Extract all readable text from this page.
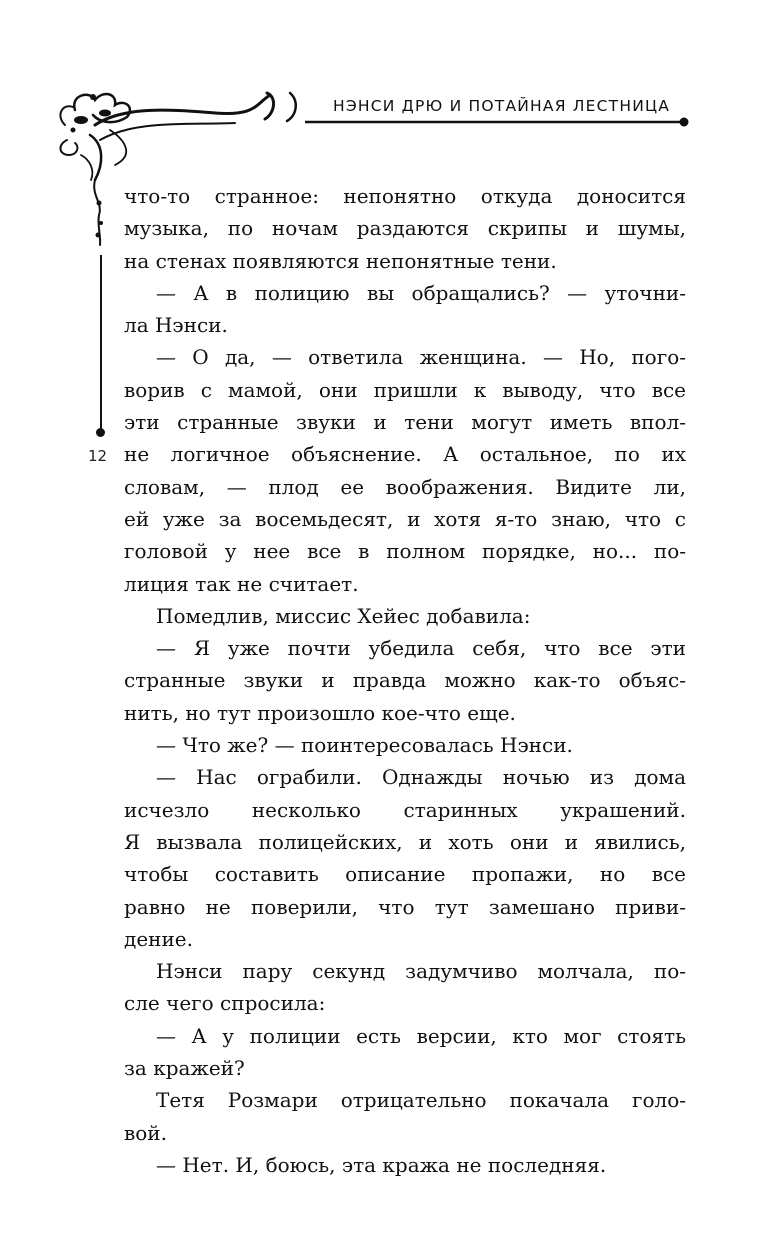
НЭНСИ ДРЮ И ПОТАЙНАЯ ЛЕСТНИЦА
12
что-то странное: непонятно откуда доносится
музыка, по ночам раздаются скрипы и шумы,
на стенах появляются непонятные тени.
— А в полицию вы обращались? — уточни-
ла Нэнси.
— О да, — ответила женщина. — Но, пого-
ворив с мамой, они пришли к выводу, что все
эти странные звуки и тени могут иметь впол-
не логичное объяснение. А остальное, по их
словам, — плод ее воображения. Видите ли,
ей уже за восемьдесят, и хотя я-то знаю, что с
головой у нее все в полном порядке, но... по-
лиция так не считает.
Помедлив, миссис Хейес добавила:
— Я уже почти убедила себя, что все эти
странные звуки и правда можно как-то объяс-
нить, но тут произошло кое-что еще.
— Что же? — поинтересовалась Нэнси.
— Нас ограбили. Однажды ночью из дома
исчезло несколько старинных украшений.
Я вызвала полицейских, и хоть они и явились,
чтобы составить описание пропажи, но все
равно не поверили, что тут замешано приви-
дение.
Нэнси пару секунд задумчиво молчала, по-
сле чего спросила:
— А у полиции есть версии, кто мог стоять
за кражей?
Тетя Розмари отрицательно покачала голо-
вой.
— Нет. И, боюсь, эта кража не последняя.
